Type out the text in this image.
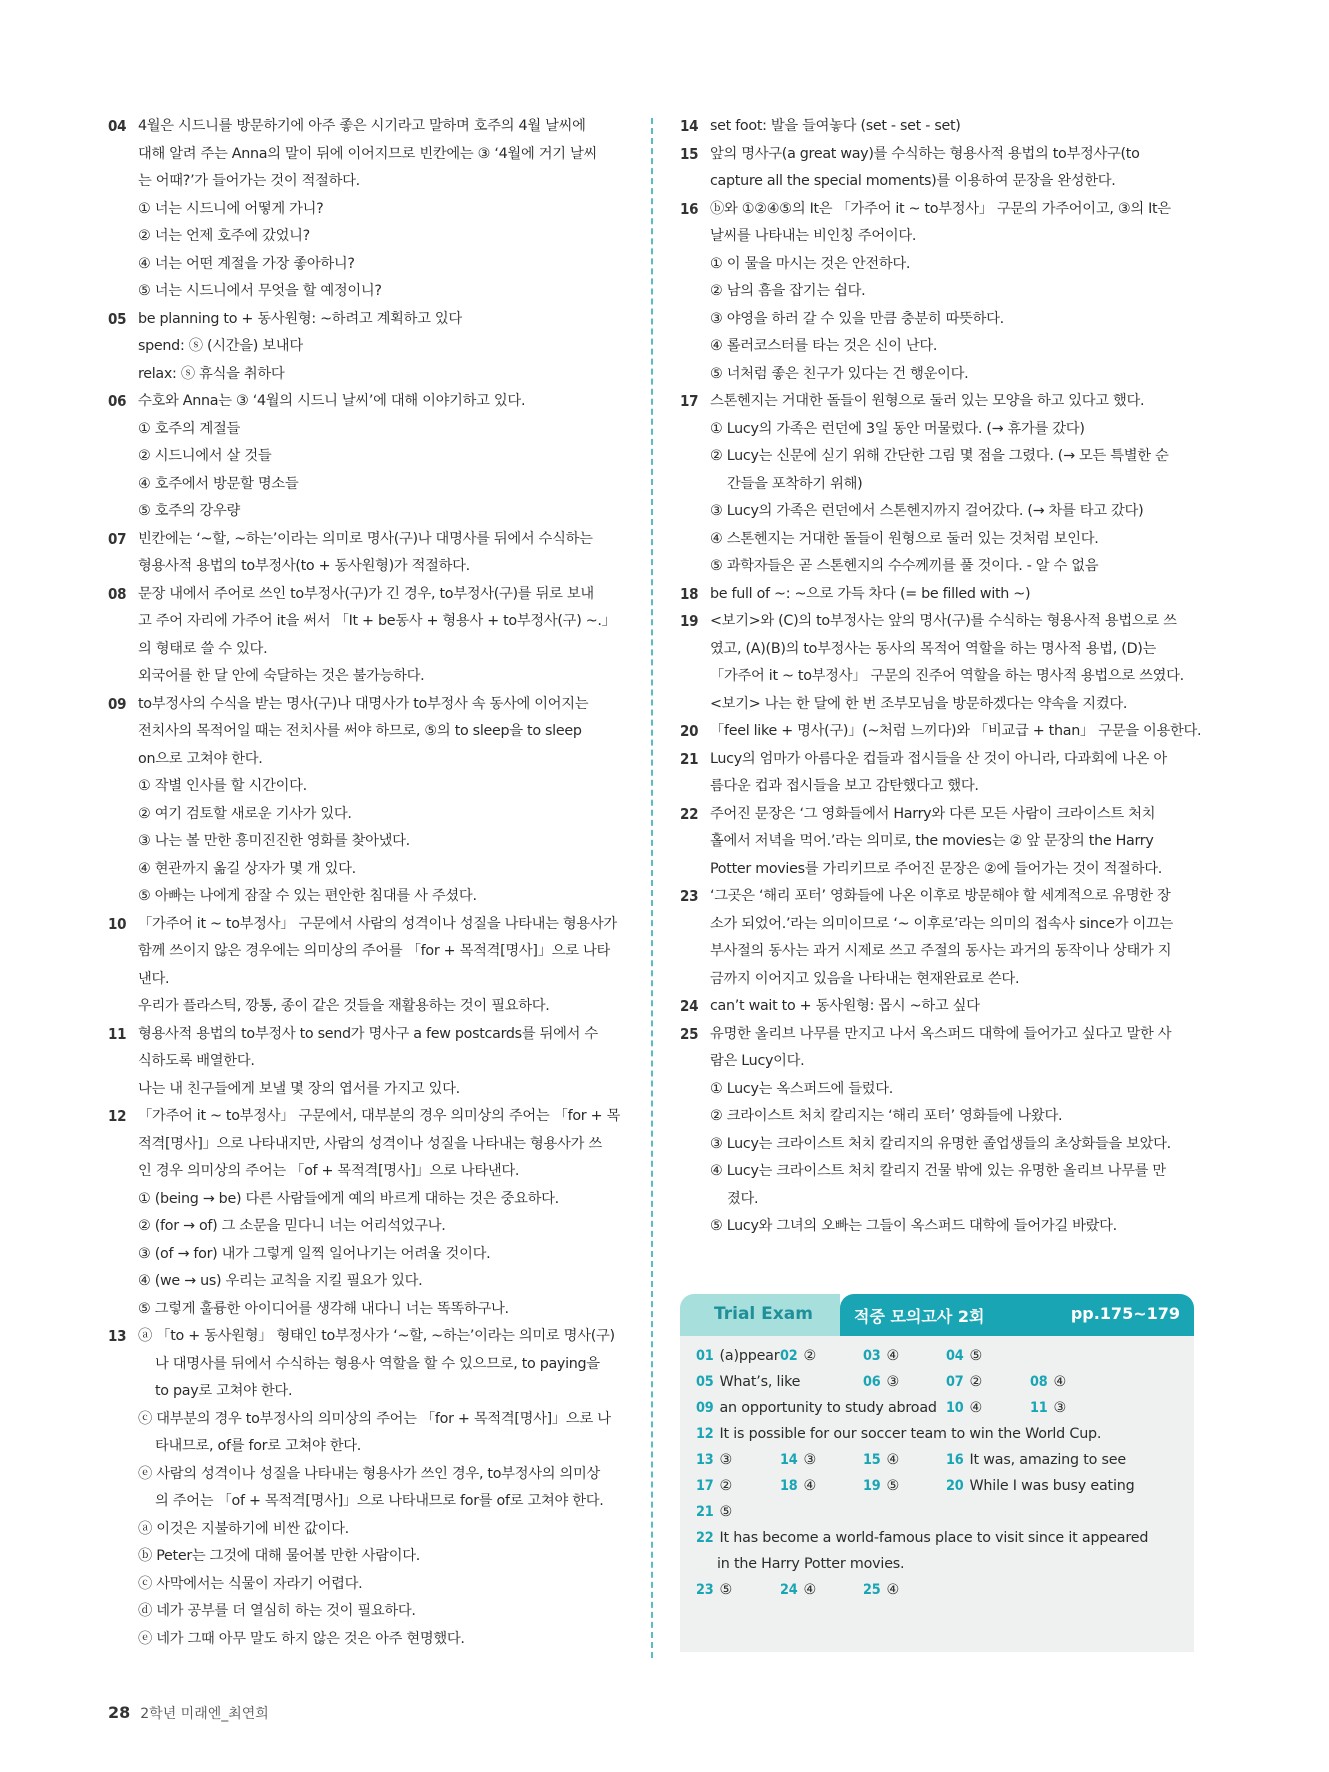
04 4월은 시드니를 방문하기에 아주 좋은 시기라고 말하며 호주의 4월 날씨에
대해 알려 주는 Anna의 말이 뒤에 이어지므로 빈칸에는 ③ ‘4월에 거기 날씨
는 어때?’가 들어가는 것이 적절하다.
① 너는 시드니에 어떻게 가니?
② 너는 언제 호주에 갔었니?
④ 너는 어떤 계절을 가장 좋아하니?
⑤ 너는 시드니에서 무엇을 할 예정이니?
05 be planning to + 동사원형: ~하려고 계획하고 있다
spend: ⓢ (시간을) 보내다
relax: ⓢ 휴식을 취하다
06 수호와 Anna는 ③ ‘4월의 시드니 날씨’에 대해 이야기하고 있다.
① 호주의 계절들
② 시드니에서 살 것들
④ 호주에서 방문할 명소들
⑤ 호주의 강우량
07 빈칸에는 ‘~할, ~하는’이라는 의미로 명사(구)나 대명사를 뒤에서 수식하는
형용사적 용법의 to부정사(to + 동사원형)가 적절하다.
08 문장 내에서 주어로 쓰인 to부정사(구)가 긴 경우, to부정사(구)를 뒤로 보내
고 주어 자리에 가주어 it을 써서 「It + be동사 + 형용사 + to부정사(구) ~.」
의 형태로 쓸 수 있다.
외국어를 한 달 안에 숙달하는 것은 불가능하다.
09 to부정사의 수식을 받는 명사(구)나 대명사가 to부정사 속 동사에 이어지는
전치사의 목적어일 때는 전치사를 써야 하므로, ⑤의 to sleep을 to sleep
on으로 고쳐야 한다.
① 작별 인사를 할 시간이다.
② 여기 검토할 새로운 기사가 있다.
③ 나는 볼 만한 흥미진진한 영화를 찾아냈다.
④ 현관까지 옮길 상자가 몇 개 있다.
⑤ 아빠는 나에게 잠잘 수 있는 편안한 침대를 사 주셨다.
10 「가주어 it ~ to부정사」 구문에서 사람의 성격이나 성질을 나타내는 형용사가
함께 쓰이지 않은 경우에는 의미상의 주어를 「for + 목적격[명사]」으로 나타
낸다.
우리가 플라스틱, 깡통, 종이 같은 것들을 재활용하는 것이 필요하다.
11 형용사적 용법의 to부정사 to send가 명사구 a few postcards를 뒤에서 수
식하도록 배열한다.
나는 내 친구들에게 보낼 몇 장의 엽서를 가지고 있다.
12 「가주어 it ~ to부정사」 구문에서, 대부분의 경우 의미상의 주어는 「for + 목
적격[명사]」으로 나타내지만, 사람의 성격이나 성질을 나타내는 형용사가 쓰
인 경우 의미상의 주어는 「of + 목적격[명사]」으로 나타낸다.
① (being → be) 다른 사람들에게 예의 바르게 대하는 것은 중요하다.
② (for → of) 그 소문을 믿다니 너는 어리석었구나.
③ (of → for) 내가 그렇게 일찍 일어나기는 어려울 것이다.
④ (we → us) 우리는 교칙을 지킬 필요가 있다.
⑤ 그렇게 훌륭한 아이디어를 생각해 내다니 너는 똑똑하구나.
13 ⓐ 「to + 동사원형」 형태인 to부정사가 ‘~할, ~하는’이라는 의미로 명사(구)
나 대명사를 뒤에서 수식하는 형용사 역할을 할 수 있으므로, to paying을
to pay로 고쳐야 한다.
ⓒ 대부분의 경우 to부정사의 의미상의 주어는 「for + 목적격[명사]」으로 나
타내므로, of를 for로 고쳐야 한다.
ⓔ 사람의 성격이나 성질을 나타내는 형용사가 쓰인 경우, to부정사의 의미상
의 주어는 「of + 목적격[명사]」으로 나타내므로 for를 of로 고쳐야 한다.
ⓐ 이것은 지불하기에 비싼 값이다.
ⓑ Peter는 그것에 대해 물어볼 만한 사람이다.
ⓒ 사막에서는 식물이 자라기 어렵다.
ⓓ 네가 공부를 더 열심히 하는 것이 필요하다.
ⓔ 네가 그때 아무 말도 하지 않은 것은 아주 현명했다.
14 set foot: 발을 들여놓다 (set - set - set)
15 앞의 명사구(a great way)를 수식하는 형용사적 용법의 to부정사구(to
capture all the special moments)를 이용하여 문장을 완성한다.
16 ⓑ와 ①②④⑤의 It은 「가주어 it ~ to부정사」 구문의 가주어이고, ③의 It은
날씨를 나타내는 비인칭 주어이다.
① 이 물을 마시는 것은 안전하다.
② 남의 흠을 잡기는 쉽다.
③ 야영을 하러 갈 수 있을 만큼 충분히 따뜻하다.
④ 롤러코스터를 타는 것은 신이 난다.
⑤ 너처럼 좋은 친구가 있다는 건 행운이다.
17 스톤헨지는 거대한 돌들이 원형으로 둘러 있는 모양을 하고 있다고 했다.
① Lucy의 가족은 런던에 3일 동안 머물렀다. (→ 휴가를 갔다)
② Lucy는 신문에 싣기 위해 간단한 그림 몇 점을 그렸다. (→ 모든 특별한 순
간들을 포착하기 위해)
③ Lucy의 가족은 런던에서 스톤헨지까지 걸어갔다. (→ 차를 타고 갔다)
④ 스톤헨지는 거대한 돌들이 원형으로 둘러 있는 것처럼 보인다.
⑤ 과학자들은 곧 스톤헨지의 수수께끼를 풀 것이다. - 알 수 없음
18 be full of ~: ~으로 가득 차다 (= be filled with ~)
19 <보기>와 (C)의 to부정사는 앞의 명사(구)를 수식하는 형용사적 용법으로 쓰
였고, (A)(B)의 to부정사는 동사의 목적어 역할을 하는 명사적 용법, (D)는
「가주어 it ~ to부정사」 구문의 진주어 역할을 하는 명사적 용법으로 쓰였다.
<보기> 나는 한 달에 한 번 조부모님을 방문하겠다는 약속을 지켰다.
20 「feel like + 명사(구)」(~처럼 느끼다)와 「비교급 + than」 구문을 이용한다.
21 Lucy의 엄마가 아름다운 컵들과 접시들을 산 것이 아니라, 다과회에 나온 아
름다운 컵과 접시들을 보고 감탄했다고 했다.
22 주어진 문장은 ‘그 영화들에서 Harry와 다른 모든 사람이 크라이스트 처치
홀에서 저녁을 먹어.’라는 의미로, the movies는 ② 앞 문장의 the Harry
Potter movies를 가리키므로 주어진 문장은 ②에 들어가는 것이 적절하다.
23 ‘그곳은 ‘해리 포터’ 영화들에 나온 이후로 방문해야 할 세계적으로 유명한 장
소가 되었어.’라는 의미이므로 ‘~ 이후로’라는 의미의 접속사 since가 이끄는
부사절의 동사는 과거 시제로 쓰고 주절의 동사는 과거의 동작이나 상태가 지
금까지 이어지고 있음을 나타내는 현재완료로 쓴다.
24 can’t wait to + 동사원형: 몹시 ~하고 싶다
25 유명한 올리브 나무를 만지고 나서 옥스퍼드 대학에 들어가고 싶다고 말한 사
람은 Lucy이다.
① Lucy는 옥스퍼드에 들렀다.
② 크라이스트 처치 칼리지는 ‘해리 포터’ 영화들에 나왔다.
③ Lucy는 크라이스트 처치 칼리지의 유명한 졸업생들의 초상화들을 보았다.
④ Lucy는 크라이스트 처치 칼리지 건물 밖에 있는 유명한 올리브 나무를 만
졌다.
⑤ Lucy와 그녀의 오빠는 그들이 옥스퍼드 대학에 들어가길 바랐다.
Trial Exam	적중 모의고사 2회	pp.175~179
01 (a)ppear 02 ②	03 ④	04 ⑤
05 What’s, like	06 ③	07 ②	08 ④
09 an opportunity to study abroad 10 ④	11 ③
12 It is possible for our soccer team to win the World Cup.
13 ③	14 ③	15 ④	16 It was, amazing to see
17 ②	18 ④	19 ⑤	20 While I was busy eating
21 ⑤
22 It has become a world-famous place to visit since it appeared
in the Harry Potter movies.
23 ⑤	24 ④	25 ④
28 2학년 미래엔_최연희
